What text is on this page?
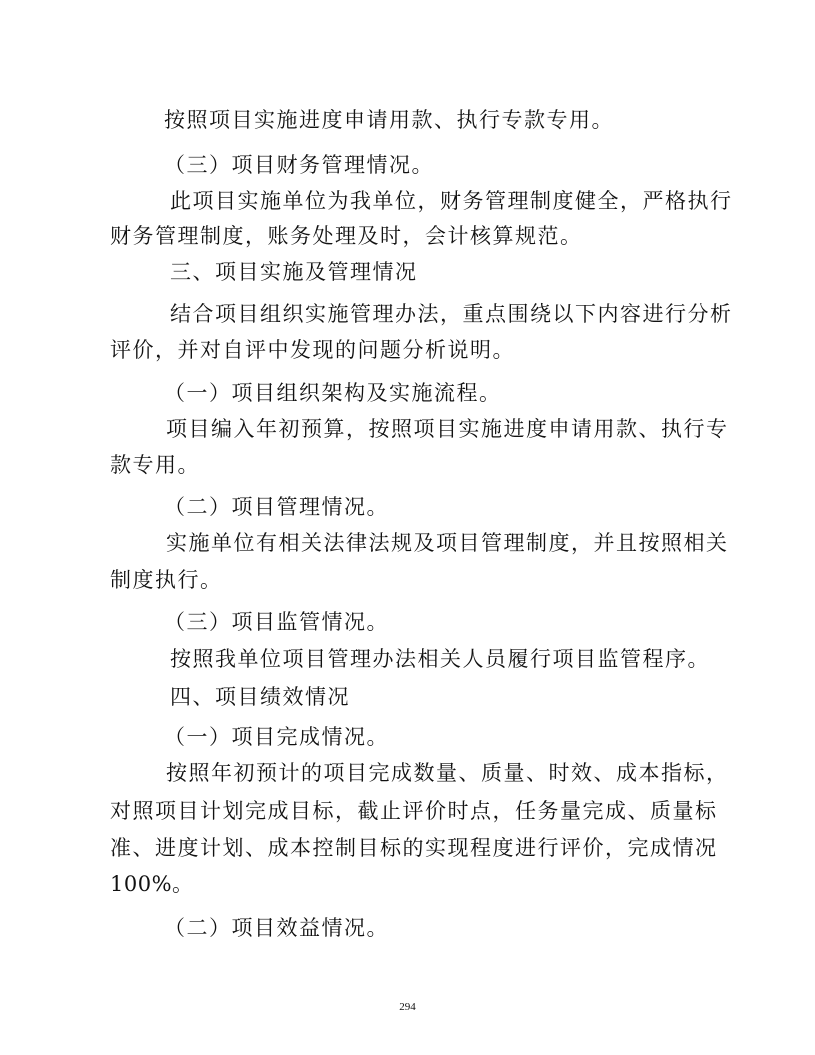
按照项目实施进度申请用款、执行专款专用。
（三）项目财务管理情况。
此项目实施单位为我单位，财务管理制度健全，严格执行
财务管理制度，账务处理及时，会计核算规范。
三、项目实施及管理情况
结合项目组织实施管理办法，重点围绕以下内容进行分析
评价，并对自评中发现的问题分析说明。
（一）项目组织架构及实施流程。
项目编入年初预算，按照项目实施进度申请用款、执行专
款专用。
（二）项目管理情况。
实施单位有相关法律法规及项目管理制度，并且按照相关
制度执行。
（三）项目监管情况。
按照我单位项目管理办法相关人员履行项目监管程序。
四、项目绩效情况
（一）项目完成情况。
按照年初预计的项目完成数量、质量、时效、成本指标，
对照项目计划完成目标，截止评价时点，任务量完成、质量标
准、进度计划、成本控制目标的实现程度进行评价，完成情况
100%。
（二）项目效益情况。
294
